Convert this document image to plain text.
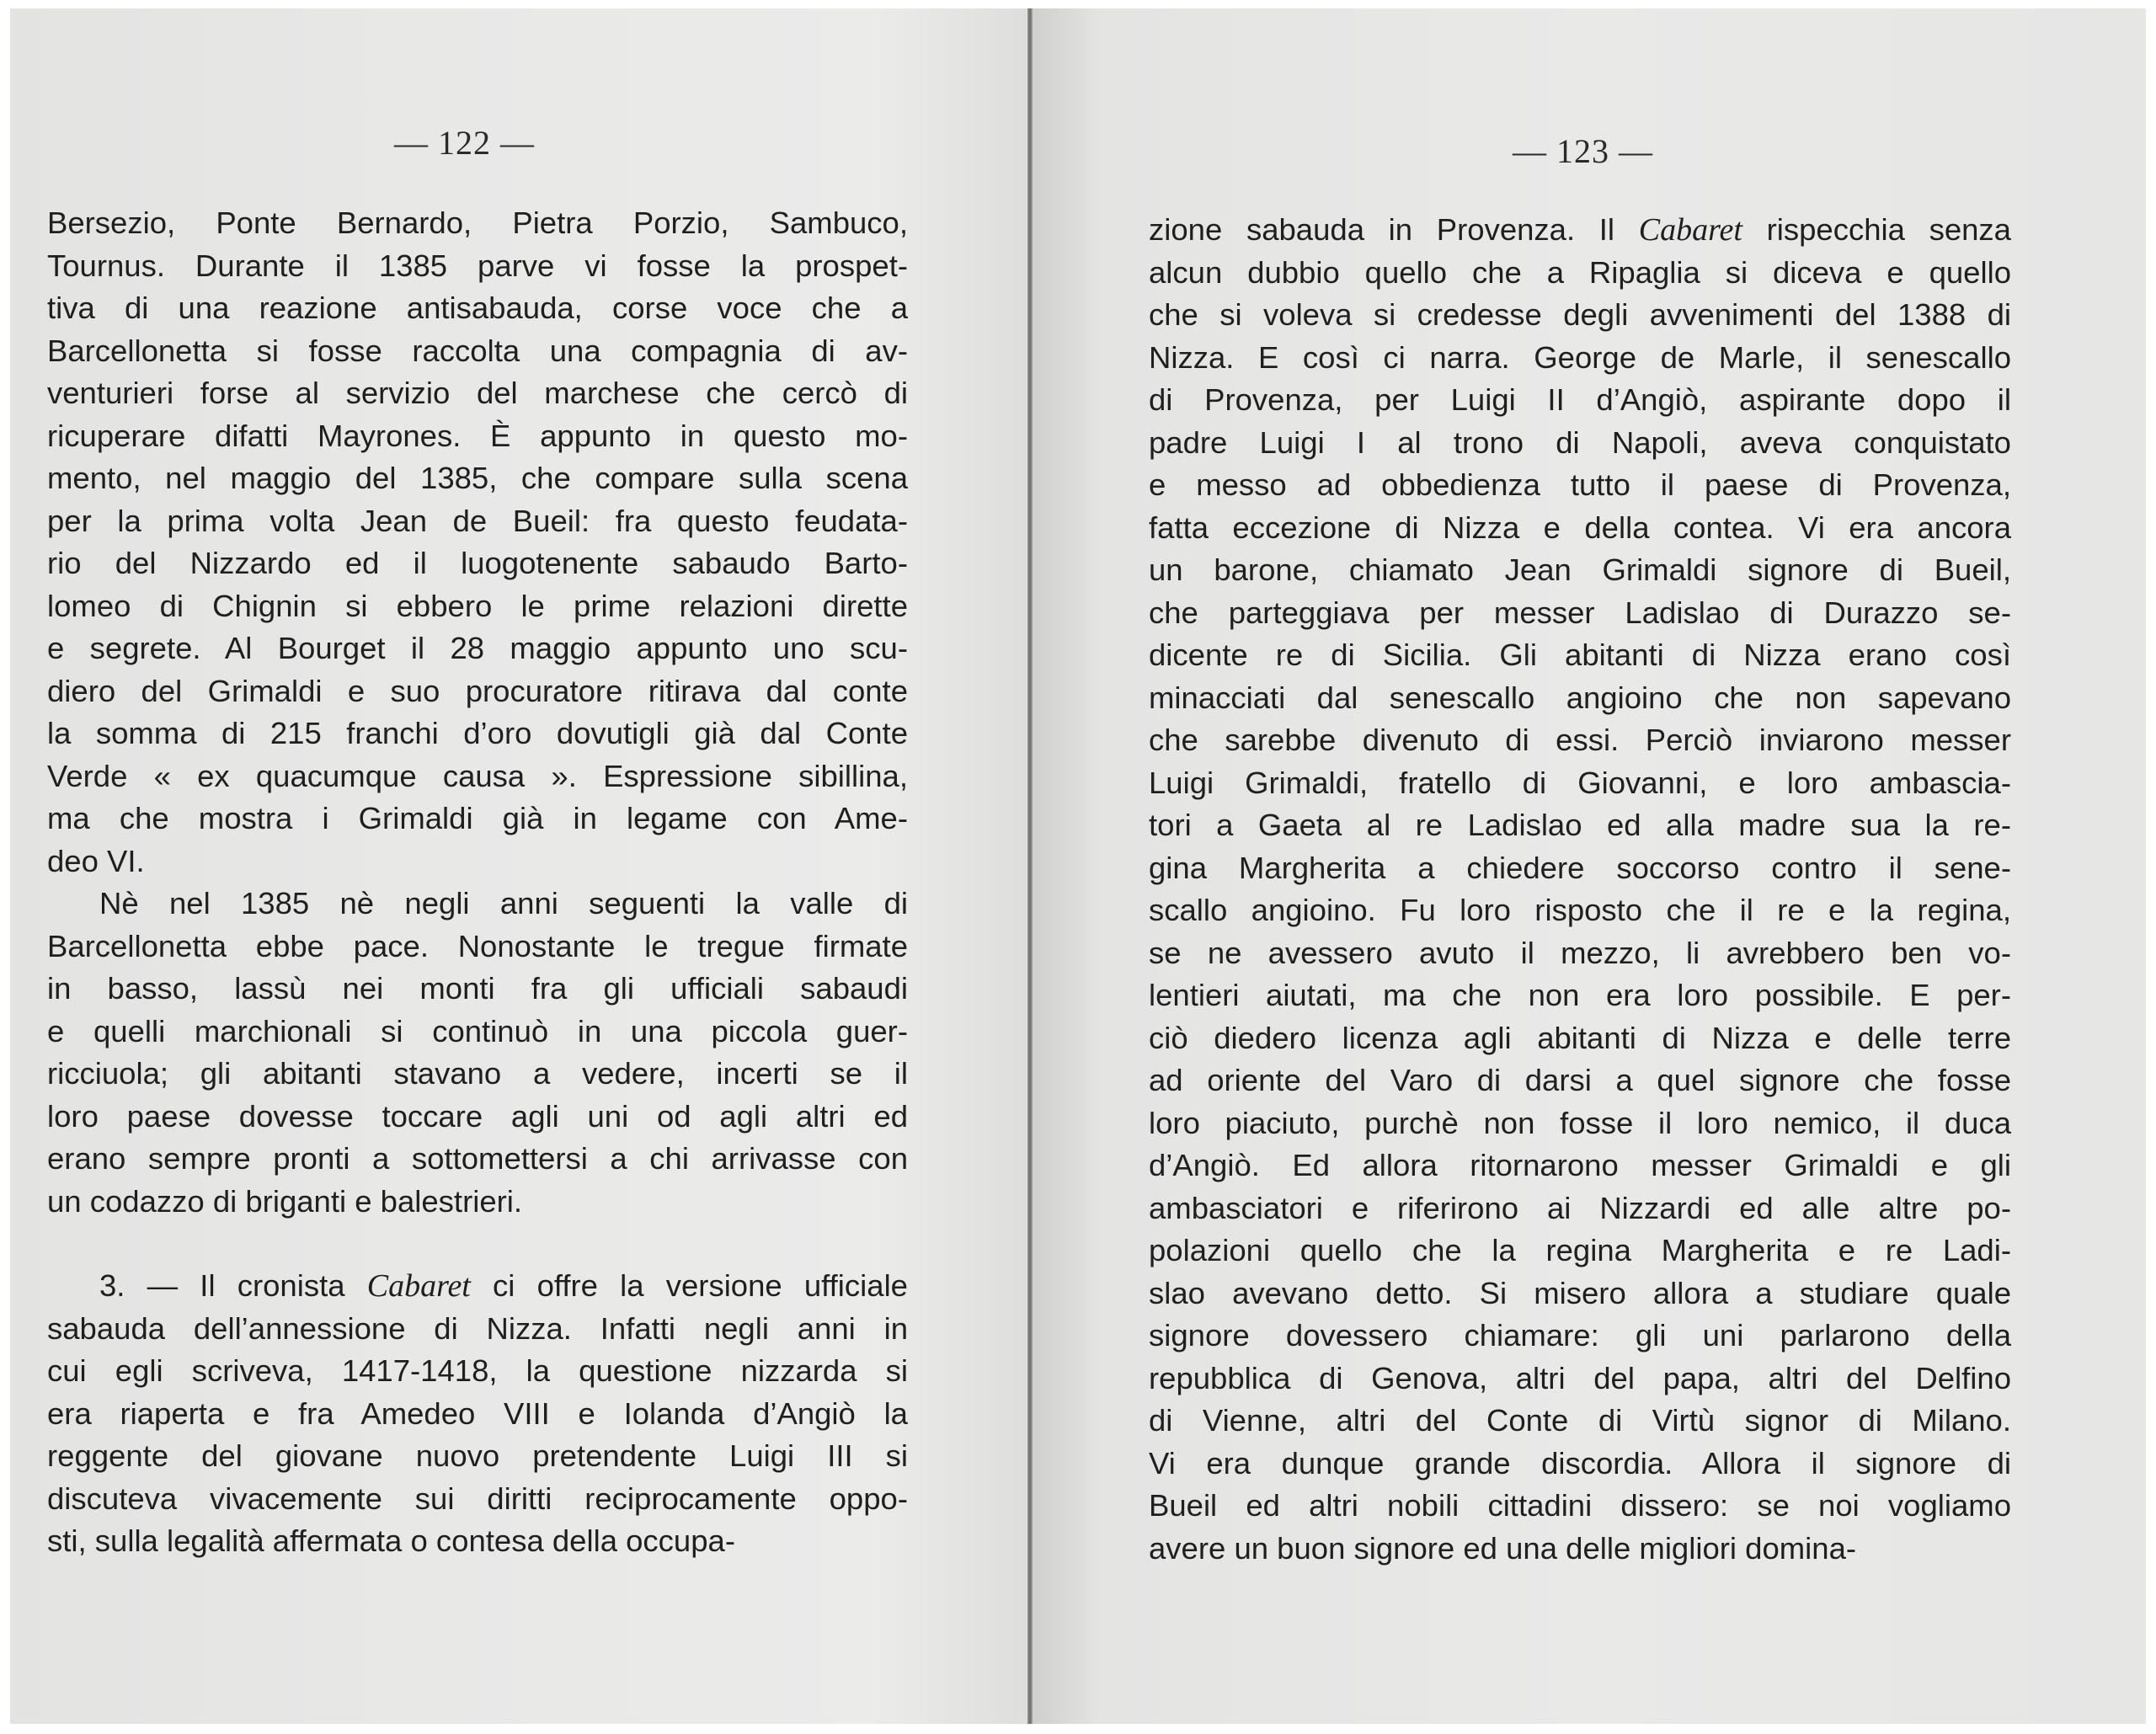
— 122 —
Bersezio, Ponte Bernardo, Pietra Porzio, Sambuco,
Tournus. Durante il 1385 parve vi fosse la prospet-
tiva di una reazione antisabauda, corse voce che a
Barcellonetta si fosse raccolta una compagnia di av-
venturieri forse al servizio del marchese che cercò di
ricuperare difatti Mayrones. È appunto in questo mo-
mento, nel maggio del 1385, che compare sulla scena
per la prima volta Jean de Bueil: fra questo feudata-
rio del Nizzardo ed il luogotenente sabaudo Barto-
lomeo di Chignin si ebbero le prime relazioni dirette
e segrete. Al Bourget il 28 maggio appunto uno scu-
diero del Grimaldi e suo procuratore ritirava dal conte
la somma di 215 franchi d’oro dovutigli già dal Conte
Verde « ex quacumque causa ». Espressione sibillina,
ma che mostra i Grimaldi già in legame con Ame-
deo VI.
Nè nel 1385 nè negli anni seguenti la valle di
Barcellonetta ebbe pace. Nonostante le tregue firmate
in basso, lassù nei monti fra gli ufficiali sabaudi
e quelli marchionali si continuò in una piccola guer-
ricciuola; gli abitanti stavano a vedere, incerti se il
loro paese dovesse toccare agli uni od agli altri ed
erano sempre pronti a sottomettersi a chi arrivasse con
un codazzo di briganti e balestrieri.
3. — Il cronista Cabaret ci offre la versione ufficiale
sabauda dell’annessione di Nizza. Infatti negli anni in
cui egli scriveva, 1417-1418, la questione nizzarda si
era riaperta e fra Amedeo VIII e Iolanda d’Angiò la
reggente del giovane nuovo pretendente Luigi III si
discuteva vivacemente sui diritti reciprocamente oppo-
sti, sulla legalità affermata o contesa della occupa-
— 123 —
zione sabauda in Provenza. Il Cabaret rispecchia senza
alcun dubbio quello che a Ripaglia si diceva e quello
che si voleva si credesse degli avvenimenti del 1388 di
Nizza. E così ci narra. George de Marle, il senescallo
di Provenza, per Luigi II d’Angiò, aspirante dopo il
padre Luigi I al trono di Napoli, aveva conquistato
e messo ad obbedienza tutto il paese di Provenza,
fatta eccezione di Nizza e della contea. Vi era ancora
un barone, chiamato Jean Grimaldi signore di Bueil,
che parteggiava per messer Ladislao di Durazzo se-
dicente re di Sicilia. Gli abitanti di Nizza erano così
minacciati dal senescallo angioino che non sapevano
che sarebbe divenuto di essi. Perciò inviarono messer
Luigi Grimaldi, fratello di Giovanni, e loro ambascia-
tori a Gaeta al re Ladislao ed alla madre sua la re-
gina Margherita a chiedere soccorso contro il sene-
scallo angioino. Fu loro risposto che il re e la regina,
se ne avessero avuto il mezzo, li avrebbero ben vo-
lentieri aiutati, ma che non era loro possibile. E per-
ciò diedero licenza agli abitanti di Nizza e delle terre
ad oriente del Varo di darsi a quel signore che fosse
loro piaciuto, purchè non fosse il loro nemico, il duca
d’Angiò. Ed allora ritornarono messer Grimaldi e gli
ambasciatori e riferirono ai Nizzardi ed alle altre po-
polazioni quello che la regina Margherita e re Ladi-
slao avevano detto. Si misero allora a studiare quale
signore dovessero chiamare: gli uni parlarono della
repubblica di Genova, altri del papa, altri del Delfino
di Vienne, altri del Conte di Virtù signor di Milano.
Vi era dunque grande discordia. Allora il signore di
Bueil ed altri nobili cittadini dissero: se noi vogliamo
avere un buon signore ed una delle migliori domina-
